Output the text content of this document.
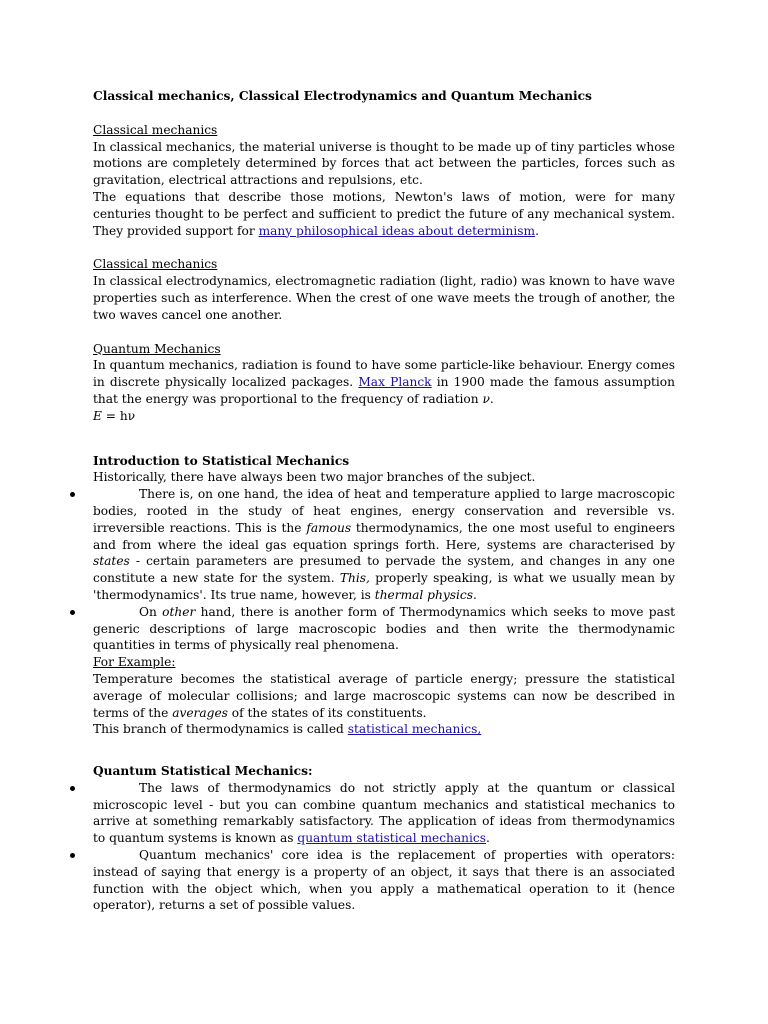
Classical mechanics, Classical Electrodynamics and Quantum Mechanics

Classical mechanics

In classical mechanics, the material universe is thought to be made up of tiny particles whose motions are completely determined by forces that act between the particles, forces such as gravitation, electrical attractions and repulsions, etc.

The equations that describe those motions, Newton's laws of motion, were for many centuries thought to be perfect and sufficient to predict the future of any mechanical system. They provided support for many philosophical ideas about determinism.

Classical mechanics

In classical electrodynamics, electromagnetic radiation (light, radio) was known to have wave properties such as interference. When the crest of one wave meets the trough of another, the two waves cancel one another.

Quantum Mechanics

In quantum mechanics, radiation is found to have some particle-like behaviour. Energy comes in discrete physically localized packages. Max Planck in 1900 made the famous assumption that the energy was proportional to the frequency of radiation ν.

E = hν

Introduction to Statistical Mechanics

Historically, there have always been two major branches of the subject.

There is, on one hand, the idea of heat and temperature applied to large macroscopic bodies, rooted in the study of heat engines, energy conservation and reversible vs. irreversible reactions. This is the famous thermodynamics, the one most useful to engineers and from where the ideal gas equation springs forth. Here, systems are characterised by states - certain parameters are presumed to pervade the system, and changes in any one constitute a new state for the system. This, properly speaking, is what we usually mean by 'thermodynamics'. Its true name, however, is thermal physics.

On other hand, there is another form of Thermodynamics which seeks to move past generic descriptions of large macroscopic bodies and then write the thermodynamic quantities in terms of physically real phenomena.

For Example:

Temperature becomes the statistical average of particle energy; pressure the statistical average of molecular collisions; and large macroscopic systems can now be described in terms of the averages of the states of its constituents.

This branch of thermodynamics is called statistical mechanics,

Quantum Statistical Mechanics:

The laws of thermodynamics do not strictly apply at the quantum or classical microscopic level - but you can combine quantum mechanics and statistical mechanics to arrive at something remarkably satisfactory. The application of ideas from thermodynamics to quantum systems is known as quantum statistical mechanics.

Quantum mechanics' core idea is the replacement of properties with operators: instead of saying that energy is a property of an object, it says that there is an associated function with the object which, when you apply a mathematical operation to it (hence operator), returns a set of possible values.
